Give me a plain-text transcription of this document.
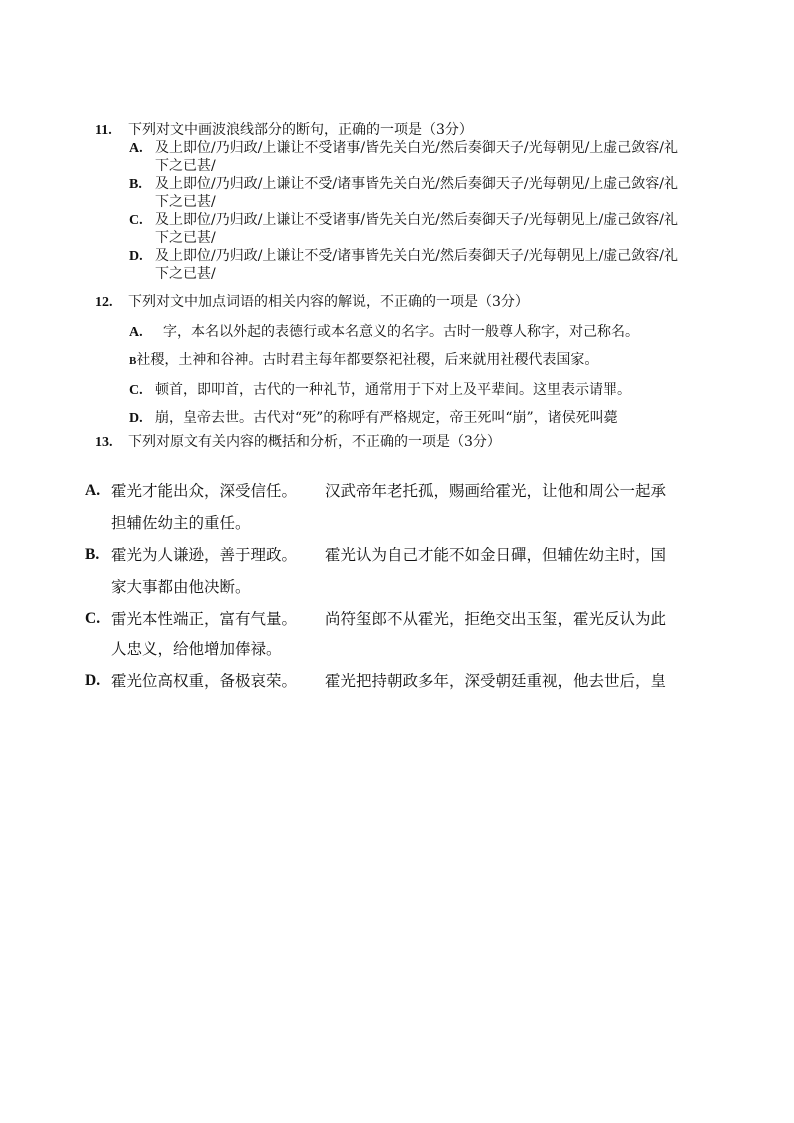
11. 下列对文中画波浪线部分的断句，正确的一项是（3分）
A. 及上即位/乃归政/上谦让不受诸事/皆先关白光/然后奏御天子/光每朝见/上虚己敛容/礼
下之已甚/
B. 及上即位/乃归政/上谦让不受/诸事皆先关白光/然后奏御天子/光每朝见/上虚己敛容/礼
下之已甚/
C. 及上即位/乃归政/上谦让不受诸事/皆先关白光/然后奏御天子/光每朝见上/虚己敛容/礼
下之已甚/
D. 及上即位/乃归政/上谦让不受/诸事皆先关白光/然后奏御天子/光每朝见上/虚己敛容/礼
下之已甚/
12. 下列对文中加点词语的相关内容的解说，不正确的一项是（3分）
A. 字，本名以外起的表德行或本名意义的名字。古时一般尊人称字，对己称名。
B社稷，土神和谷神。古时君主每年都要祭祀社稷，后来就用社稷代表国家。
C. 顿首，即叩首，古代的一种礼节，通常用于下对上及平辈间。这里表示请罪。
D. 崩，皇帝去世。古代对“死”的称呼有严格规定，帝王死叫“崩”，诸侯死叫薨
13. 下列对原文有关内容的概括和分析，不正确的一项是（3分）
A. 霍光才能出众，深受信任。 汉武帝年老托孤，赐画给霍光，让他和周公一起承
担辅佐幼主的重任。
B. 霍光为人谦逊，善于理政。 霍光认为自己才能不如金日磾，但辅佐幼主时，国
家大事都由他决断。
C. 雷光本性端正，富有气量。 尚符玺郎不从霍光，拒绝交出玉玺，霍光反认为此
人忠义，给他增加俸禄。
D. 霍光位高权重，备极哀荣。 霍光把持朝政多年，深受朝廷重视，他去世后，皇
